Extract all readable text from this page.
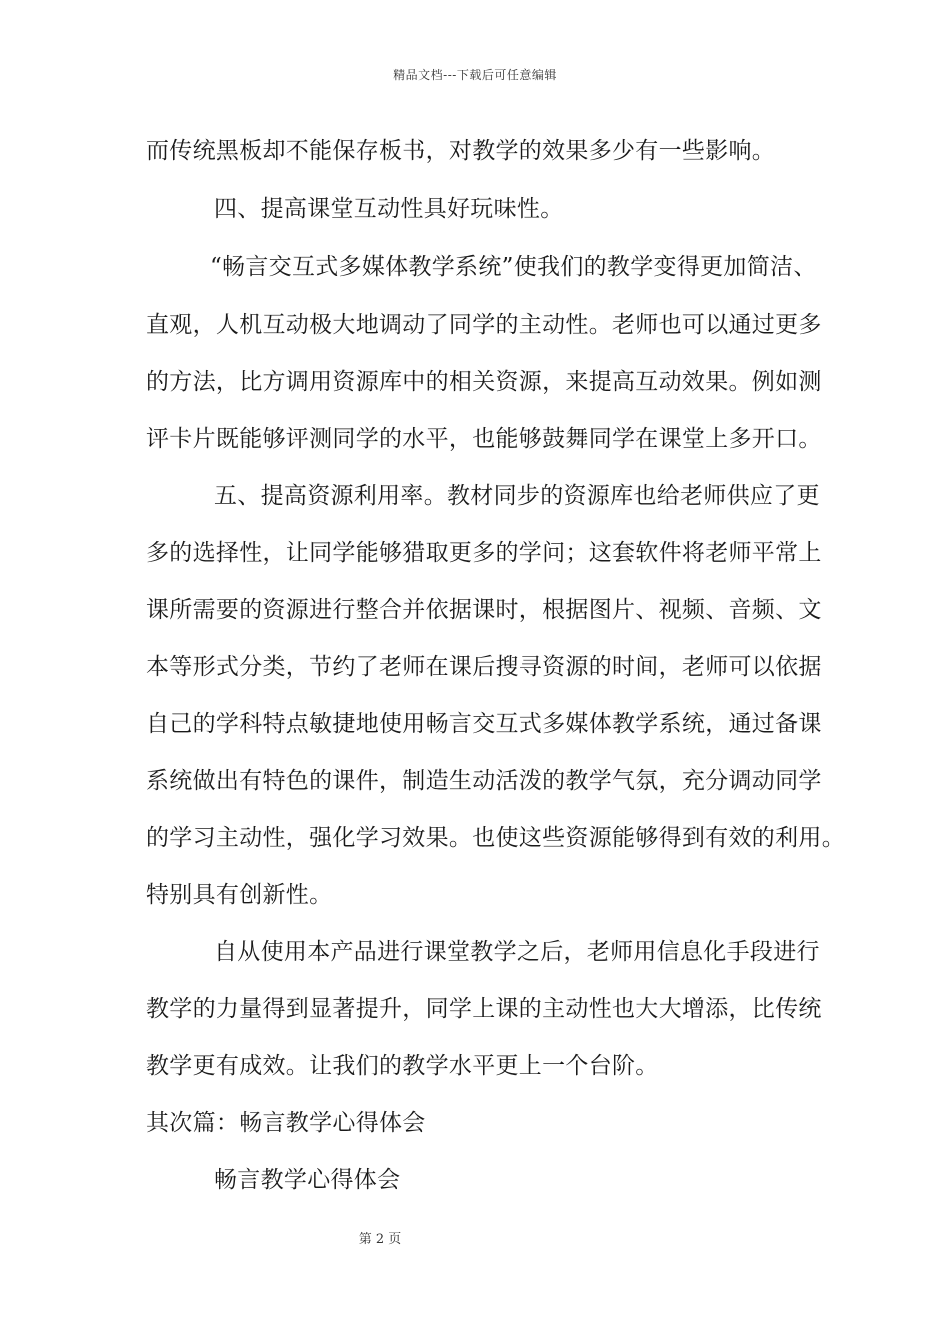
精品文档---下载后可任意编辑
而传统黑板却不能保存板书，对教学的效果多少有一些影响。
四、提高课堂互动性具好玩味性。
“畅言交互式多媒体教学系统”使我们的教学变得更加简洁、
直观，人机互动极大地调动了同学的主动性。老师也可以通过更多
的方法，比方调用资源库中的相关资源，来提高互动效果。例如测
评卡片既能够评测同学的水平，也能够鼓舞同学在课堂上多开口。
五、提高资源利用率。教材同步的资源库也给老师供应了更
多的选择性，让同学能够猎取更多的学问；这套软件将老师平常上
课所需要的资源进行整合并依据课时，根据图片、视频、音频、文
本等形式分类，节约了老师在课后搜寻资源的时间，老师可以依据
自己的学科特点敏捷地使用畅言交互式多媒体教学系统，通过备课
系统做出有特色的课件，制造生动活泼的教学气氛，充分调动同学
的学习主动性，强化学习效果。也使这些资源能够得到有效的利用。
特别具有创新性。
自从使用本产品进行课堂教学之后，老师用信息化手段进行
教学的力量得到显著提升，同学上课的主动性也大大增添，比传统
教学更有成效。让我们的教学水平更上一个台阶。
其次篇：畅言教学心得体会
畅言教学心得体会
第 2 页
